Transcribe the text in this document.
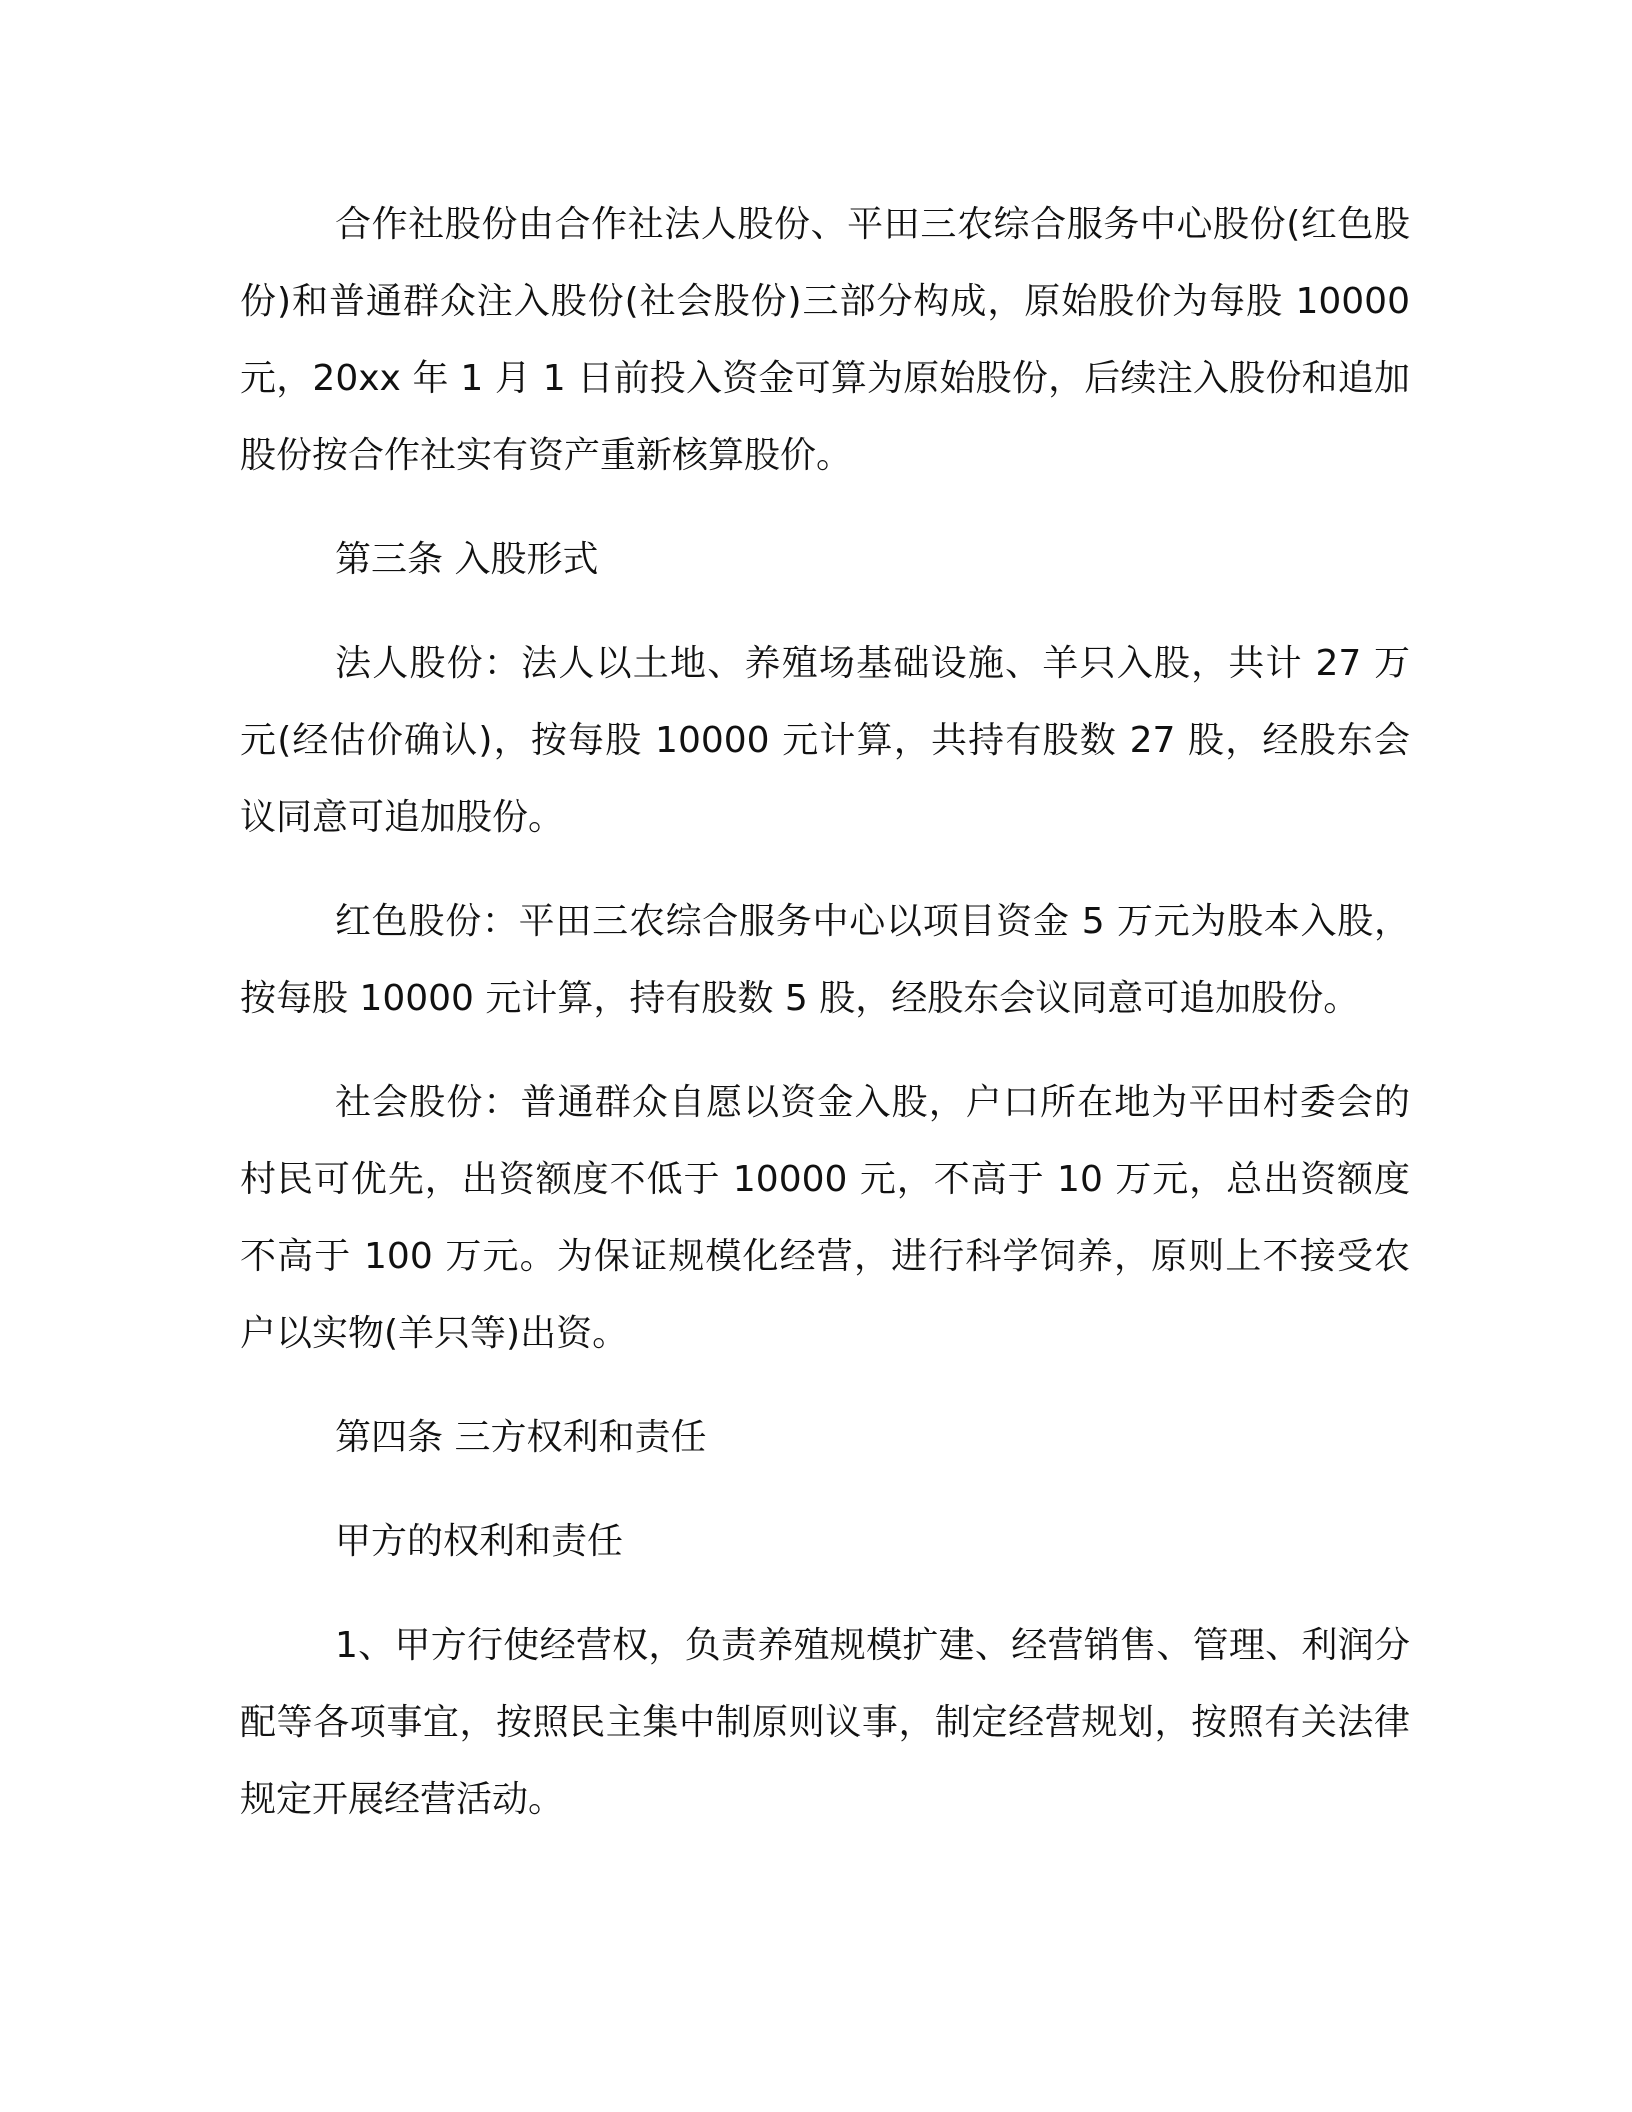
合作社股份由合作社法人股份、平田三农综合服务中心股份(红色股份)和普通群众注入股份(社会股份)三部分构成，原始股价为每股 10000 元，20xx 年 1 月 1 日前投入资金可算为原始股份，后续注入股份和追加股份按合作社实有资产重新核算股价。

第三条 入股形式

法人股份：法人以土地、养殖场基础设施、羊只入股，共计 27 万元(经估价确认)，按每股 10000 元计算，共持有股数 27 股，经股东会议同意可追加股份。

红色股份：平田三农综合服务中心以项目资金 5 万元为股本入股，按每股 10000 元计算，持有股数 5 股，经股东会议同意可追加股份。

社会股份：普通群众自愿以资金入股，户口所在地为平田村委会的村民可优先，出资额度不低于 10000 元，不高于 10 万元，总出资额度不高于 100 万元。为保证规模化经营，进行科学饲养，原则上不接受农户以实物(羊只等)出资。

第四条 三方权利和责任

甲方的权利和责任

1、甲方行使经营权，负责养殖规模扩建、经营销售、管理、利润分配等各项事宜，按照民主集中制原则议事，制定经营规划，按照有关法律规定开展经营活动。
